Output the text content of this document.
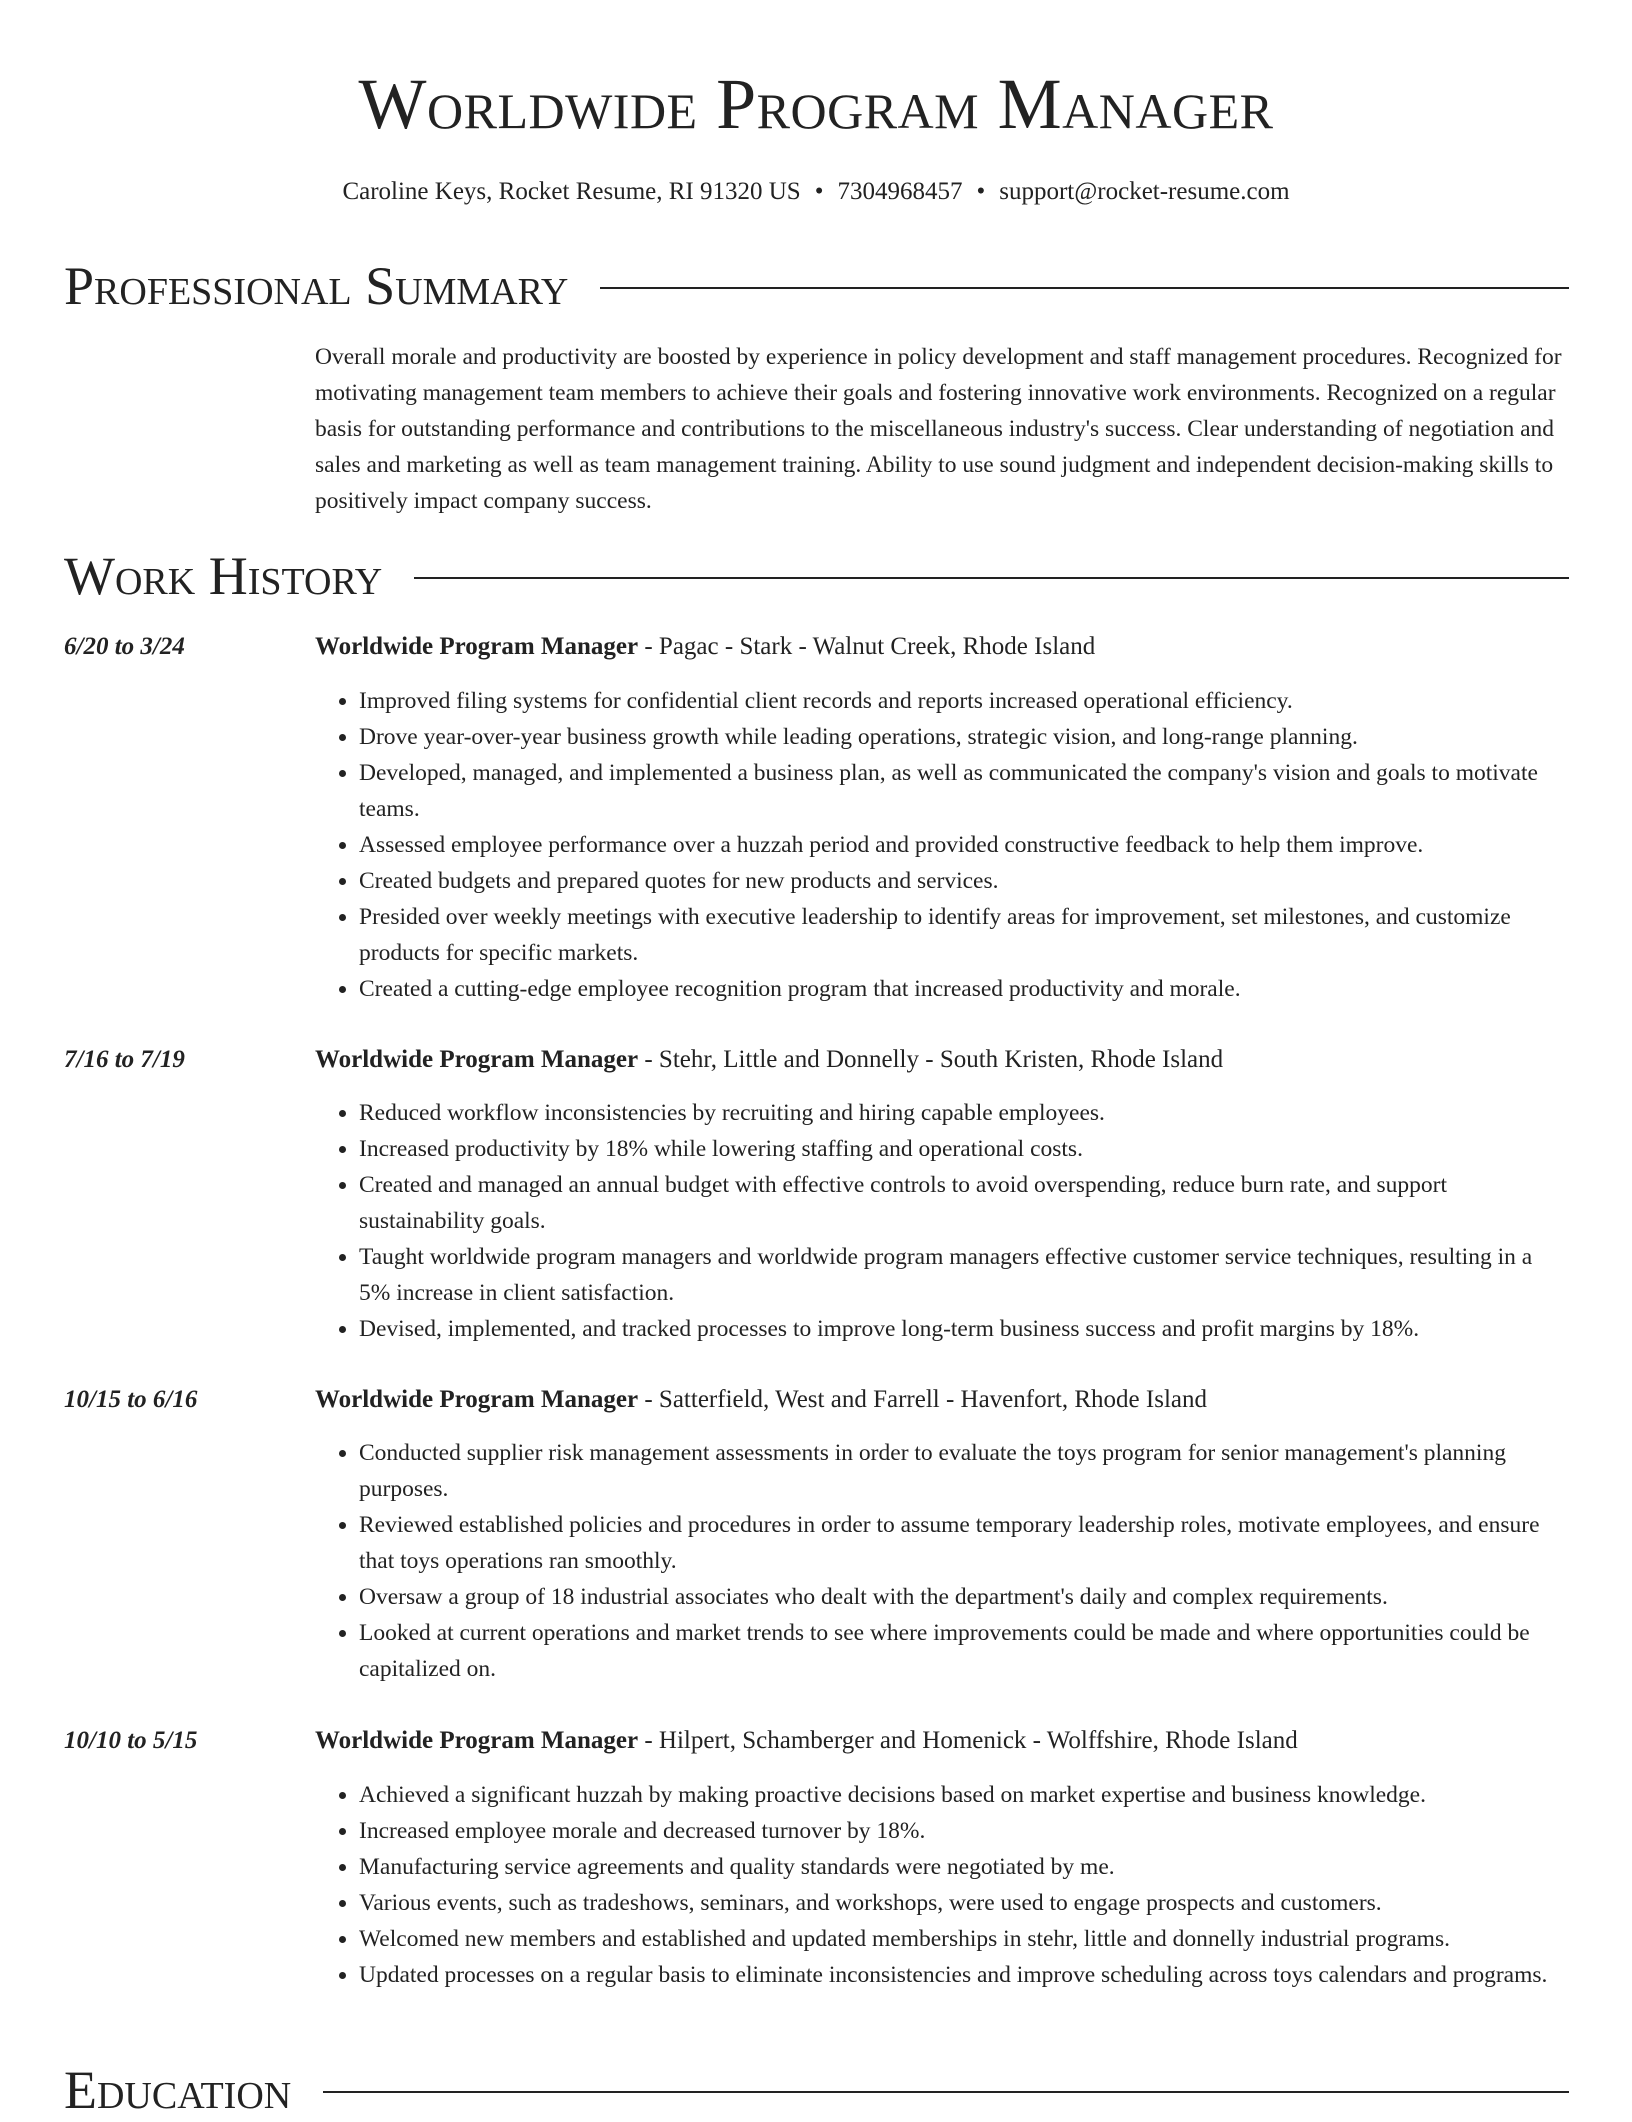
Worldwide Program Manager
Caroline Keys, Rocket Resume, RI 91320 US • 7304968457 • support@rocket-resume.com
Professional Summary
Overall morale and productivity are boosted by experience in policy development and staff management procedures. Recognized for motivating management team members to achieve their goals and fostering innovative work environments. Recognized on a regular basis for outstanding performance and contributions to the miscellaneous industry's success. Clear understanding of negotiation and sales and marketing as well as team management training. Ability to use sound judgment and independent decision-making skills to positively impact company success.
Work History
6/20 to 3/24	Worldwide Program Manager - Pagac - Stark - Walnut Creek, Rhode Island
• Improved filing systems for confidential client records and reports increased operational efficiency.
• Drove year-over-year business growth while leading operations, strategic vision, and long-range planning.
• Developed, managed, and implemented a business plan, as well as communicated the company's vision and goals to motivate teams.
• Assessed employee performance over a huzzah period and provided constructive feedback to help them improve.
• Created budgets and prepared quotes for new products and services.
• Presided over weekly meetings with executive leadership to identify areas for improvement, set milestones, and customize products for specific markets.
• Created a cutting-edge employee recognition program that increased productivity and morale.
7/16 to 7/19	Worldwide Program Manager - Stehr, Little and Donnelly - South Kristen, Rhode Island
• Reduced workflow inconsistencies by recruiting and hiring capable employees.
• Increased productivity by 18% while lowering staffing and operational costs.
• Created and managed an annual budget with effective controls to avoid overspending, reduce burn rate, and support sustainability goals.
• Taught worldwide program managers and worldwide program managers effective customer service techniques, resulting in a 5% increase in client satisfaction.
• Devised, implemented, and tracked processes to improve long-term business success and profit margins by 18%.
10/15 to 6/16	Worldwide Program Manager - Satterfield, West and Farrell - Havenfort, Rhode Island
• Conducted supplier risk management assessments in order to evaluate the toys program for senior management's planning purposes.
• Reviewed established policies and procedures in order to assume temporary leadership roles, motivate employees, and ensure that toys operations ran smoothly.
• Oversaw a group of 18 industrial associates who dealt with the department's daily and complex requirements.
• Looked at current operations and market trends to see where improvements could be made and where opportunities could be capitalized on.
10/10 to 5/15	Worldwide Program Manager - Hilpert, Schamberger and Homenick - Wolffshire, Rhode Island
• Achieved a significant huzzah by making proactive decisions based on market expertise and business knowledge.
• Increased employee morale and decreased turnover by 18%.
• Manufacturing service agreements and quality standards were negotiated by me.
• Various events, such as tradeshows, seminars, and workshops, were used to engage prospects and customers.
• Welcomed new members and established and updated memberships in stehr, little and donnelly industrial programs.
• Updated processes on a regular basis to eliminate inconsistencies and improve scheduling across toys calendars and programs.
Education
